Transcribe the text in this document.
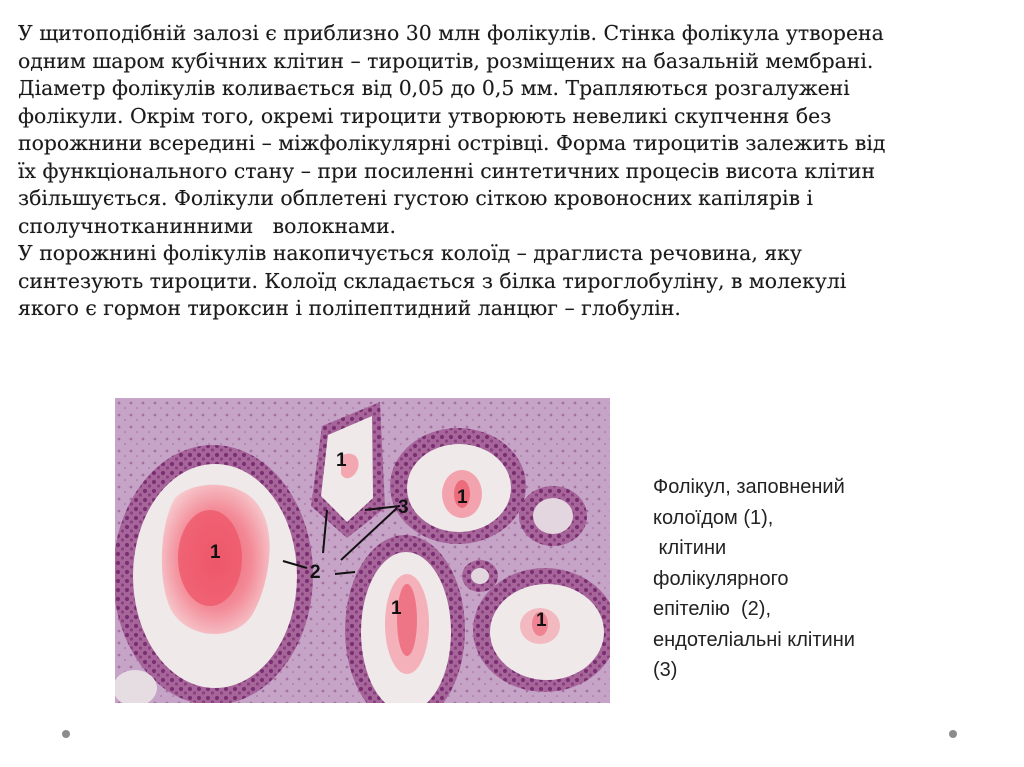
У щитоподібній залозі є приблизно 30 млн фолікулів. Стінка фолікула утворена

одним шаром кубічних клітин – тироцитів, розміщених на базальній мембрані.

Діаметр фолікулів коливається від 0,05 до 0,5 мм. Трапляються розгалужені

фолікули. Окрім того, окремі тироцити утворюють невеликі скупчення без

порожнини всередині – міжфолікулярні острівці. Форма тироцитів залежить від

їх функціонального стану – при посиленні синтетичних процесів висота клітин

збільшується. Фолікули обплетені густою сіткою кровоносних капілярів і

сполучнотканинними   волокнами.

У порожнині фолікулів накопичується колоїд – драглиста речовина, яку

синтезують тироцити. Колоїд складається з білка тироглобуліну, в молекулі

якого є гормон тироксин і поліпептидний ланцюг – глобулін.

1
1
1
1
1
2
3

Фолікул, заповнений

колоїдом (1),

клітини

фолікулярного

епітелію  (2),

ендотеліальні клітини

(3)
